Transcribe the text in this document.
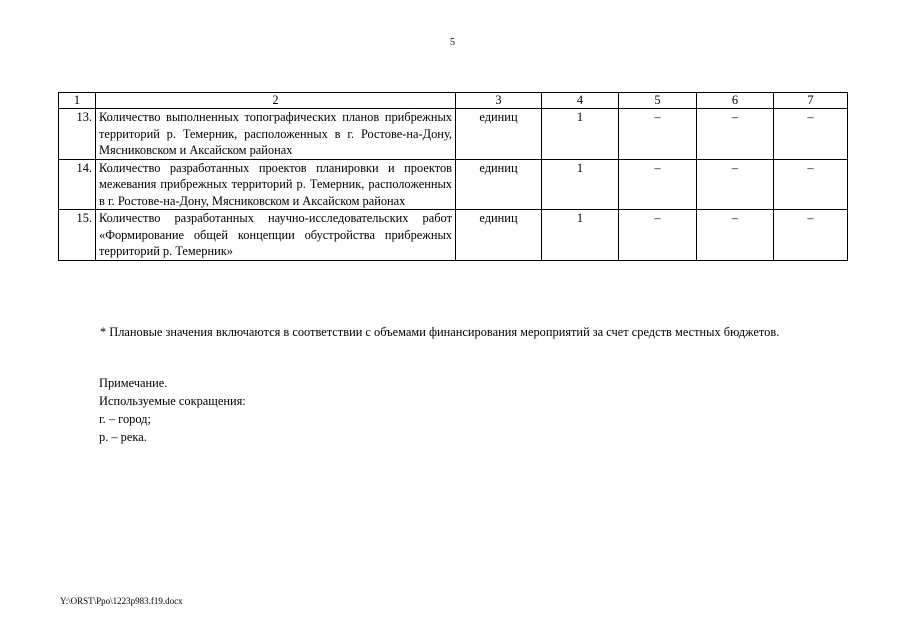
5
1	2	3	4	5	6	7
13.	Количество выполненных топографических планов прибрежных территорий р. Темерник, расположенных в г. Ростове-на-Дону, Мясниковском и Аксайском районах	единиц	1	–	–	–
14.	Количество разработанных проектов планировки и проектов межевания прибрежных территорий р. Темерник, расположенных в г. Ростове-на-Дону, Мясниковском и Аксайском районах	единиц	1	–	–	–
15.	Количество разработанных научно-исследовательских работ «Формирование общей концепции обустройства прибрежных территорий р. Темерник»	единиц	1	–	–	–
* Плановые значения включаются в соответствии с объемами финансирования мероприятий за счет средств местных бюджетов.
Примечание.
Используемые сокращения:
г. – город;
р. – река.
Y:\ORST\Ppo\1223p983.f19.docx
